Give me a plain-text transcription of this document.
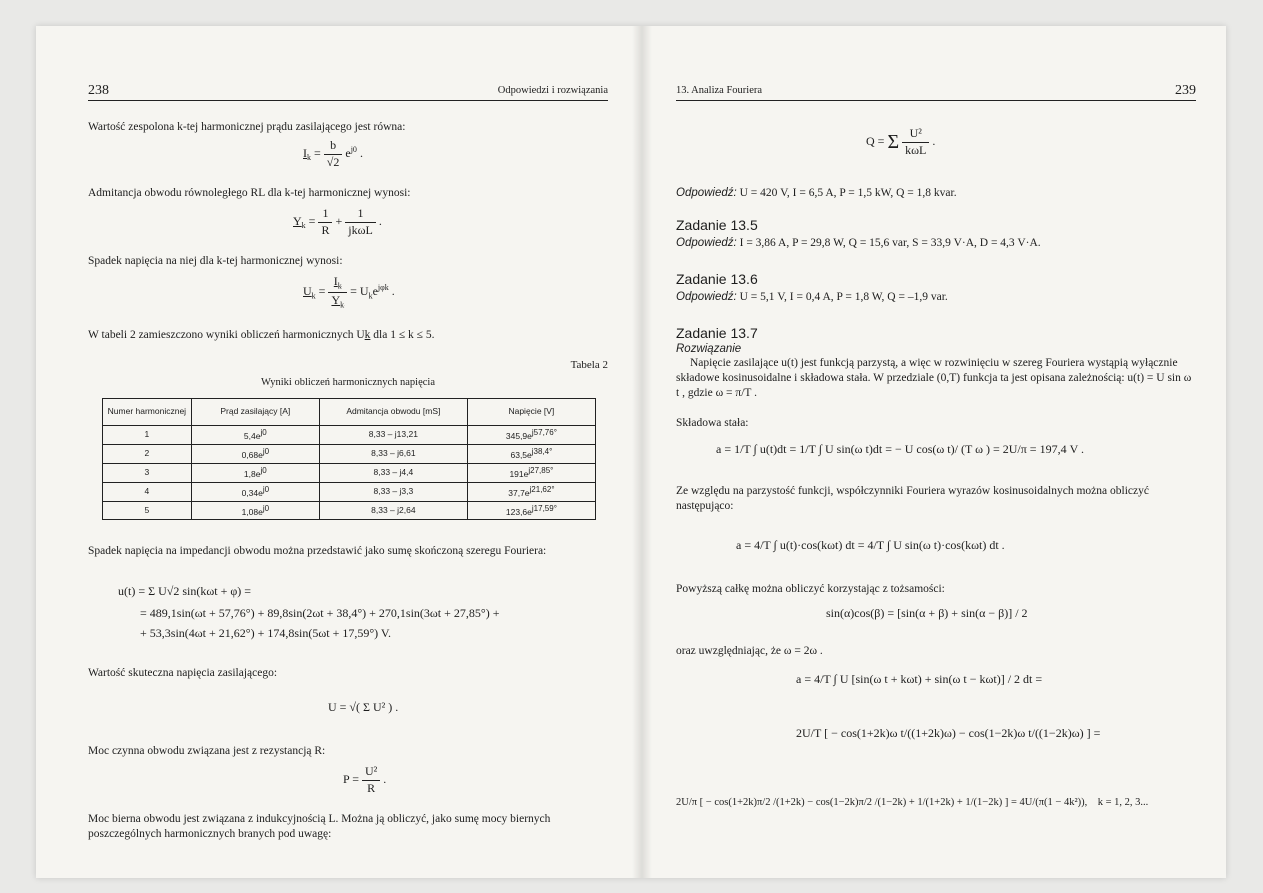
238	Odpowiedzi i rozwiązania
Wartość zespolona k-tej harmonicznej prądu zasilającego jest równa:
$I_k = \frac{b}{√2} e^{j0}$ .
Admitancja obwodu równoległego RL dla k-tej harmonicznej wynosi:
$Y_k = \frac{1}{R} + \frac{1}{\text{jkωL}}$ .
Spadek napięcia na niej dla k-tej harmonicznej wynosi:
$U_k = \frac{I_k}{Y_k} = U_ke^{j\varphi k}$ .
W tabeli 2 zamieszczono wyniki obliczeń harmonicznych Uk dla 1 ≤ k ≤ 5.
Tabela 2
Wyniki obliczeń harmonicznych napięcia
Numer harmonicznej	Prąd zasilający [A]	Admitancja obwodu [mS]	Napięcie [V]
1	5,4ej0	8,33 – j13,21	345,9ej57,76°
2	0,68ej0	8,33 – j6,61	63,5ej38,4°
3	1,8ej0	8,33 – j4,4	191ej27,85°
4	0,34ej0	8,33 – j3,3	37,7ej21,62°
5	1,08ej0	8,33 – j2,64	123,6ej17,59°
Spadek napięcia na impedancji obwodu można przedstawić jako sumę skończoną szeregu Fouriera:
u(t) = Σ U√2 sin(kωt + φ) =
= 489,1sin(ωt + 57,76°) + 89,8sin(2ωt + 38,4°) + 270,1sin(3ωt + 27,85°) +
+ 53,3sin(4ωt + 21,62°) + 174,8sin(5ωt + 17,59°) V.
Wartość skuteczna napięcia zasilającego:
U = √( Σ U² ) .
Moc czynna obwodu związana jest z rezystancją R:
$P = \frac{\text{U²}}{R}$ .
Moc bierna obwodu jest związana z indukcyjnością L. Można ją obliczyć, jako sumę mocy biernych poszczególnych harmonicznych branych pod uwagę:
13. Analiza Fouriera	239
Q = Σ $\frac{\text{U²}}{\text{kωL}}$ .
Odpowiedź: U = 420 V, I = 6,5 A, P = 1,5 kW, Q = 1,8 kvar.
Zadanie 13.5
Odpowiedź: I = 3,86 A, P = 29,8 W, Q = 15,6 var, S = 33,9 V·A, D = 4,3 V·A.
Zadanie 13.6
Odpowiedź: U = 5,1 V, I = 0,4 A, P = 1,8 W, Q = –1,9 var.
Zadanie 13.7
Rozwiązanie
Napięcie zasilające u(t) jest funkcją parzystą, a więc w rozwinięciu w szereg Fouriera wystąpią wyłącznie składowe kosinusoidalne i składowa stała. W przedziale (0,T) funkcja ta jest opisana zależnością: u(t) = U sin ω t , gdzie ω = π/T .
Składowa stała:
a = 1/T ∫ u(t)dt = 1/T ∫ U sin(ω t)dt = − U cos(ω t)/ (T ω ) = 2U/π = 197,4 V .
Ze względu na parzystość funkcji, współczynniki Fouriera wyrazów kosinusoidalnych można obliczyć następująco:
a = 4/T ∫ u(t)·cos(kωt) dt = 4/T ∫ U sin(ω t)·cos(kωt) dt .
Powyższą całkę można obliczyć korzystając z tożsamości:
sin(α)cos(β) = [sin(α + β) + sin(α − β)] / 2
oraz uwzględniając, że ω = 2ω .
a = 4/T ∫ U [sin(ω t + kωt) + sin(ω t − kωt)] / 2 dt =
2U/T [ − cos(1+2k)ω t/((1+2k)ω) − cos(1−2k)ω t/((1−2k)ω) ] =
2U/π [ − cos(1+2k)π/2 /(1+2k) − cos(1−2k)π/2 /(1−2k) + 1/(1+2k) + 1/(1−2k) ] = 4U/(π(1 − 4k²)), k = 1, 2, 3...
